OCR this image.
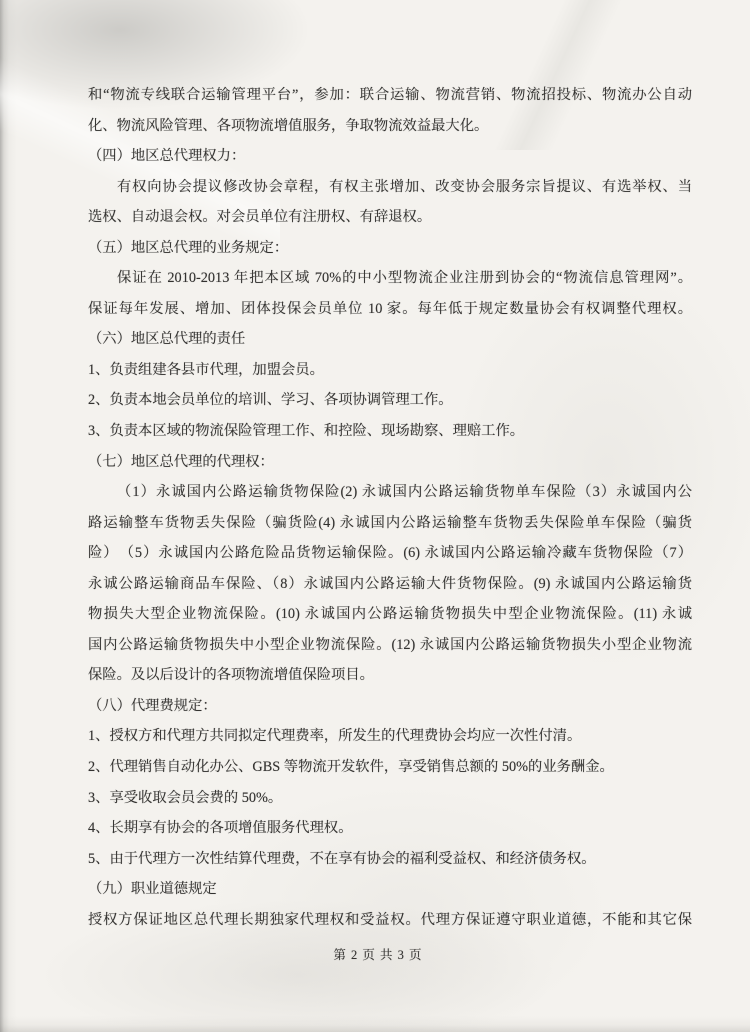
和“物流专线联合运输管理平台”，参加：联合运输、物流营销、物流招投标、物流办公自动
化、物流风险管理、各项物流增值服务，争取物流效益最大化。
（四）地区总代理权力：
有权向协会提议修改协会章程，有权主张增加、改变协会服务宗旨提议、有选举权、当
选权、自动退会权。对会员单位有注册权、有辞退权。
（五）地区总代理的业务规定：
保证在 2010-2013 年把本区域 70%的中小型物流企业注册到协会的“物流信息管理网”。
保证每年发展、增加、团体投保会员单位 10 家。每年低于规定数量协会有权调整代理权。
（六）地区总代理的责任
1、负责组建各县市代理，加盟会员。
2、负责本地会员单位的培训、学习、各项协调管理工作。
3、负责本区域的物流保险管理工作、和控险、现场勘察、理赔工作。
（七）地区总代理的代理权：
（1）永诚国内公路运输货物保险(2) 永诚国内公路运输货物单车保险（3）永诚国内公
路运输整车货物丢失保险（骗货险(4) 永诚国内公路运输整车货物丢失保险单车保险（骗货
险）　（5）永诚国内公路危险品货物运输保险。(6) 永诚国内公路运输冷藏车货物保险（7）
永诚公路运输商品车保险、（8）永诚国内公路运输大件货物保险。(9) 永诚国内公路运输货
物损失大型企业物流保险。(10) 永诚国内公路运输货物损失中型企业物流保险。(11) 永诚
国内公路运输货物损失中小型企业物流保险。(12) 永诚国内公路运输货物损失小型企业物流
保险。及以后设计的各项物流增值保险项目。
（八）代理费规定：
1、授权方和代理方共同拟定代理费率，所发生的代理费协会均应一次性付清。
2、代理销售自动化办公、GBS 等物流开发软件，享受销售总额的 50%的业务酬金。
3、享受收取会员会费的 50%。
4、长期享有协会的各项增值服务代理权。
5、由于代理方一次性结算代理费，不在享有协会的福利受益权、和经济债务权。
（九）职业道德规定
授权方保证地区总代理长期独家代理权和受益权。代理方保证遵守职业道德，不能和其它保
第 2 页 共 3 页
